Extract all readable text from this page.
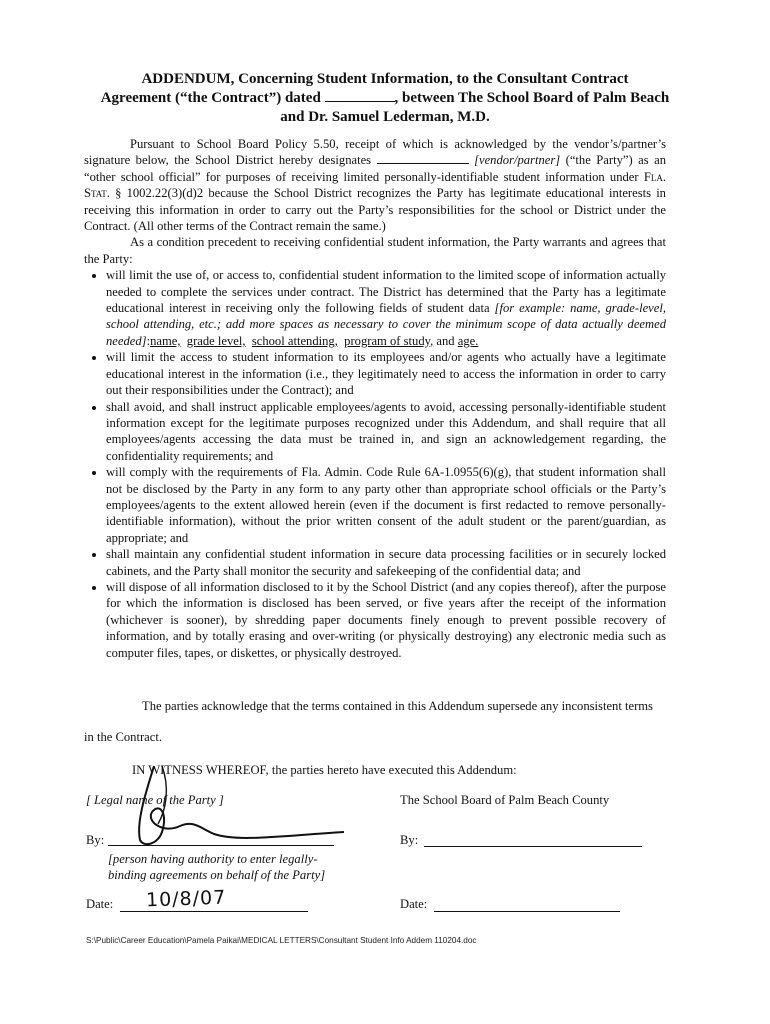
ADDENDUM, Concerning Student Information, to the Consultant Contract
Agreement (“the Contract”) dated	, between The School Board of Palm Beach
and Dr. Samuel Lederman, M.D.

Pursuant to School Board Policy 5.50, receipt of which is acknowledged by the vendor’s/partner’s signature below, the School District hereby designates	[vendor/partner] (“the Party”) as an “other school official” for purposes of receiving limited personally-identifiable student information under Fla. Stat. § 1002.22(3)(d)2 because the School District recognizes the Party has legitimate educational interests in receiving this information in order to carry out the Party’s responsibilities for the school or District under the Contract. (All other terms of the Contract remain the same.)

As a condition precedent to receiving confidential student information, the Party warrants and agrees that the Party:

• will limit the use of, or access to, confidential student information to the limited scope of information actually needed to complete the services under contract. The District has determined that the Party has a legitimate educational interest in receiving only the following fields of student data [for example: name, grade-level, school attending, etc.; add more spaces as necessary to cover the minimum scope of data actually deemed needed]:name, grade level, school attending, program of study, and age.
• will limit the access to student information to its employees and/or agents who actually have a legitimate educational interest in the information (i.e., they legitimately need to access the information in order to carry out their responsibilities under the Contract); and
• shall avoid, and shall instruct applicable employees/agents to avoid, accessing personally-identifiable student information except for the legitimate purposes recognized under this Addendum, and shall require that all employees/agents accessing the data must be trained in, and sign an acknowledgement regarding, the confidentiality requirements; and
• will comply with the requirements of Fla. Admin. Code Rule 6A-1.0955(6)(g), that student information shall not be disclosed by the Party in any form to any party other than appropriate school officials or the Party’s employees/agents to the extent allowed herein (even if the document is first redacted to remove personally-identifiable information), without the prior written consent of the adult student or the parent/guardian, as appropriate; and
• shall maintain any confidential student information in secure data processing facilities or in securely locked cabinets, and the Party shall monitor the security and safekeeping of the confidential data; and
• will dispose of all information disclosed to it by the School District (and any copies thereof), after the purpose for which the information is disclosed has been served, or five years after the receipt of the information (whichever is sooner), by shredding paper documents finely enough to prevent possible recovery of information, and by totally erasing and over-writing (or physically destroying) any electronic media such as computer files, tapes, or diskettes, or physically destroyed.

The parties acknowledge that the terms contained in this Addendum supersede any inconsistent terms

in the Contract.

IN WITNESS WHEREOF, the parties hereto have executed this Addendum:
[ Legal name of the Party ]	The School Board of Palm Beach County
By:	By:
[person having authority to enter legally-
binding agreements on behalf of the Party]
Date: 10/8/07	Date:
S:\Public\Career Education\Pamela Paikai\MEDICAL LETTERS\Consultant Student Info Addem 110204.doc
